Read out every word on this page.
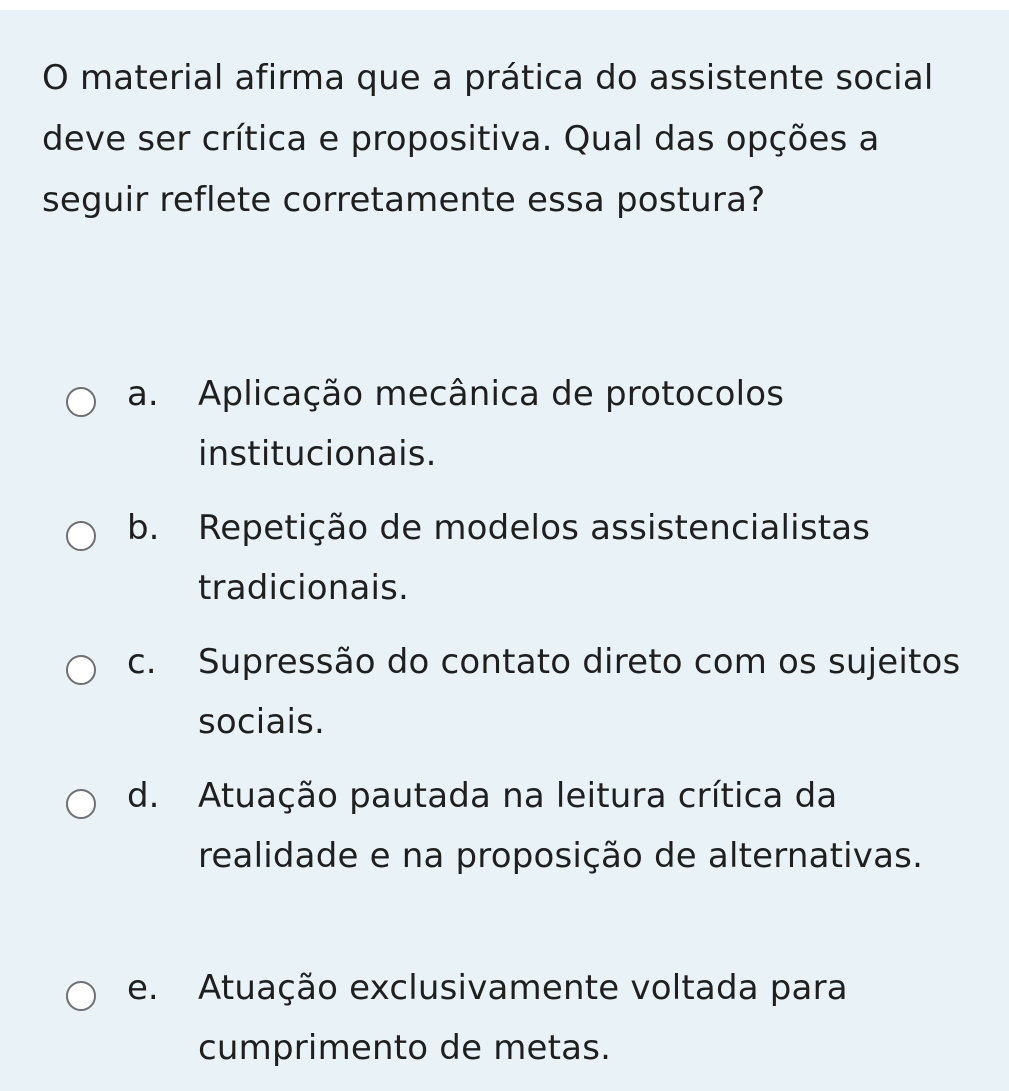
O material afirma que a prática do assistente social deve ser crítica e propositiva. Qual das opções a seguir reflete corretamente essa postura?
a. Aplicação mecânica de protocolos institucionais.
b. Repetição de modelos assistencialistas tradicionais.
c. Supressão do contato direto com os sujeitos sociais.
d. Atuação pautada na leitura crítica da realidade e na proposição de alternativas.
e. Atuação exclusivamente voltada para cumprimento de metas.
